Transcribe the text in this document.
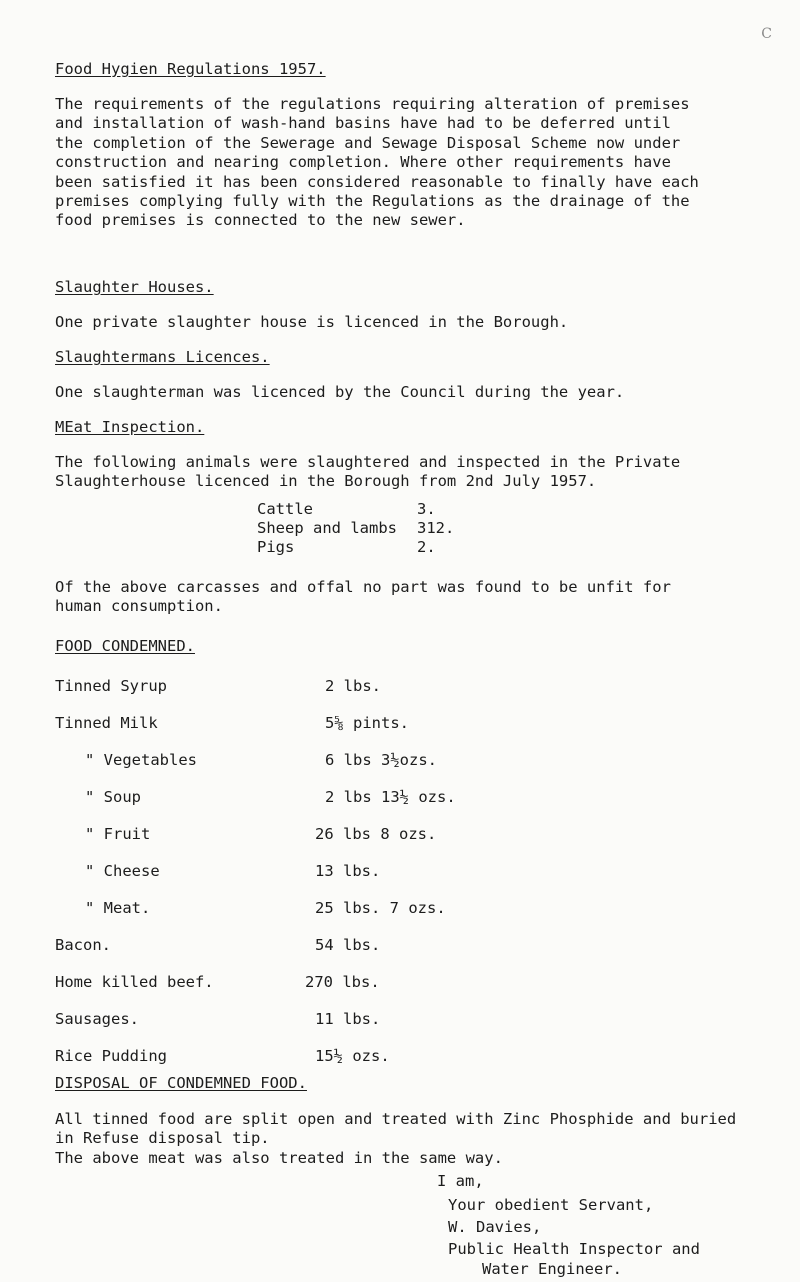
C
Food Hygien Regulations 1957.
The requirements of the regulations requiring alteration of premises
and installation of wash-hand basins have had to be deferred until
the completion of the Sewerage and Sewage Disposal Scheme now under
construction and nearing completion. Where other requirements have
been satisfied it has been considered reasonable to finally have each
premises complying fully with the Regulations as the drainage of the
food premises is connected to the new sewer.
Slaughter Houses.
One private slaughter house is licenced in the Borough.
Slaughtermans Licences.
One slaughterman was licenced by the Council during the year.
MEat Inspection.
The following animals were slaughtered and inspected in the Private
Slaughterhouse licenced in the Borough from 2nd July 1957.
Cattle	3.
Sheep and lambs 312.
Pigs	2.
Of the above carcasses and offal no part was found to be unfit for
human consumption.
FOOD CONDEMNED.
Tinned Syrup	2 lbs.
Tinned Milk	5⅝ pints.
" Vegetables	6 lbs 3½ozs.
" Soup	2 lbs 13½ ozs.
" Fruit	26 lbs 8 ozs.
" Cheese	13 lbs.
" Meat.	25 lbs. 7 ozs.
Bacon.	54 lbs.
Home killed beef.	270 lbs.
Sausages.	11 lbs.
Rice Pudding	15½ ozs.
DISPOSAL OF CONDEMNED FOOD.
All tinned food are split open and treated with Zinc Phosphide and buried
in Refuse disposal tip.
The above meat was also treated in the same way.
I am,
Your obedient Servant,
W. Davies,
Public Health Inspector and
Water Engineer.
